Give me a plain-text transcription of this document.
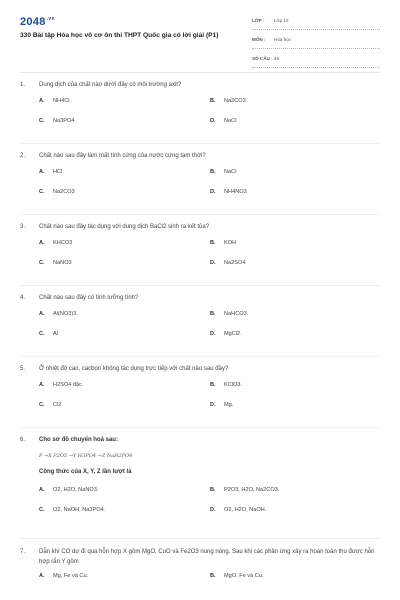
$2048^{.vn}$
330 Bài tập Hóa học vô cơ ôn thi THPT Quốc gia có lời giải (P1)
LỚP : Lớp 12
MÔN : Hóa học
SỐ CÂU : 45
1. Dung dịch của chất nào dưới đây có môi trường axit?
A. NH4Cl.	B. Na2CO3
C. Na3PO4	D. NaCl
2. Chất nào sau đây làm mất tính cứng của nước cứng tạm thời?
A. HCl	B. NaCl
C. Na2CO3	D. NH4NO3
3. Chất nào sau đây tác dụng với dung dịch BaCl2 sinh ra kết tủa?
A. KHCO3	B. KOH
C. NaNO3	D. Na2SO4
4. Chất nào sau đây có tính lưỡng tính?
A. Al(NO3)3.	B. NaHCO3.
C. Al	D. MgCl2.
5. Ở nhiệt độ cao, cacbon không tác dụng trực tiếp với chất nào sau đây?
A. H2SO4 đặc.	B. KClO3.
C. Cl2.	D. Mg.
6. Cho sơ đồ chuyển hoá sau:
P →X P2O5 →Y H3PO4 →Z NaH2PO4
Công thức của X, Y, Z lần lượt là
A. O2, H2O, NaNO3.	B. P2O3, H2O, Na2CO3.
C. O2, NaOH, Na3PO4.	D. O2, H2O, NaOH.
7. Dẫn khí CO dư đi qua hỗn hợp X gồm MgO, CuO và Fe2O3 nung nóng. Sau khi các phản ứng xảy ra hoàn toàn thu được hỗn hợp rắn Y gồm
A. Mg, Fe và Cu.	B. MgO, Fe và Cu.
